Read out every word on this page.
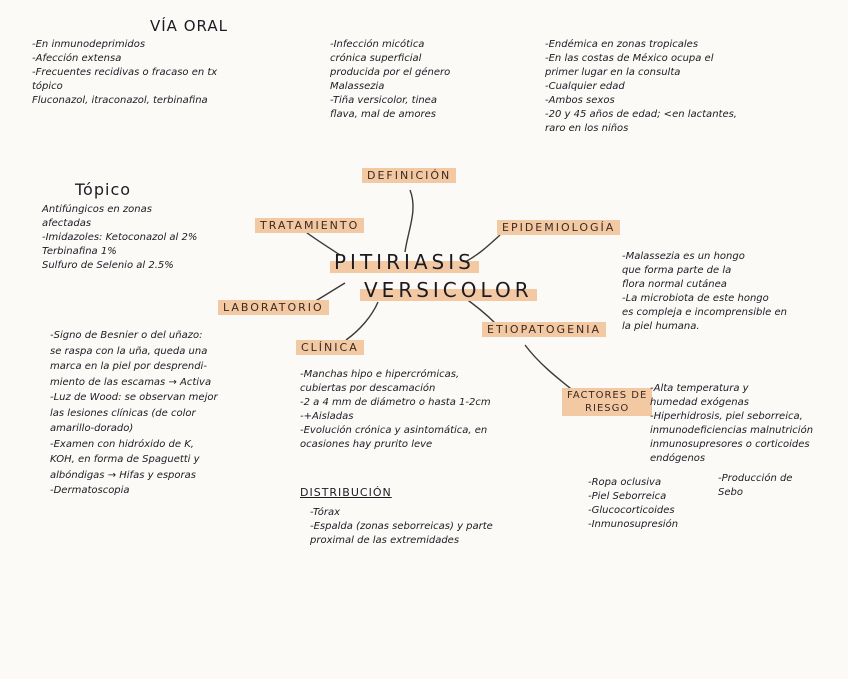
VÍA ORAL
-En inmunodeprimidos
-Afección extensa
-Frecuentes recidivas o fracaso en tx
tópico
Fluconazol, itraconazol, terbinafina
-Infección micótica
crónica superficial
producida por el género
Malassezia
-Tiña versicolor, tinea
flava, mal de amores
-Endémica en zonas tropicales
-En las costas de México ocupa el
primer lugar en la consulta
-Cualquier edad
-Ambos sexos
-20 y 45 años de edad; <en lactantes,
raro en los niños
Tópico
Antifúngicos en zonas
afectadas
-Imidazoles: Ketoconazol al 2%
Terbinafina 1%
Sulfuro de Selenio al 2.5%
DEFINICIÓN
TRATAMIENTO	EPIDEMIOLOGÍA
LABORATORIO
CLÍNICA
ETIOPATOGENIA
FACTORES DE
RIESGO
PITIRIASIS
VERSICOLOR
-Malassezia es un hongo
que forma parte de la
flora normal cutánea
-La microbiota de este hongo
es compleja e incomprensible en
la piel humana.
-Signo de Besnier o del uñazo:
se raspa con la uña, queda una
marca en la piel por desprendi-
miento de las escamas → Activa
-Luz de Wood: se observan mejor
las lesiones clínicas (de color
amarillo-dorado)
-Examen con hidróxido de K,
KOH, en forma de Spaguetti y
albóndigas → Hifas y esporas
-Dermatoscopia
-Manchas hipo e hipercrómicas,
cubiertas por descamación
-2 a 4 mm de diámetro o hasta 1-2cm
-+Aisladas
-Evolución crónica y asintomática, en
ocasiones hay prurito leve
DISTRIBUCIÓN
-Tórax
-Espalda (zonas seborreicas) y parte
proximal de las extremidades
-Alta temperatura y
humedad exógenas
-Hiperhidrosis, piel seborreica,
inmunodeficiencias malnutrición
inmunosupresores o corticoides
endógenos
-Ropa oclusiva
-Piel Seborreica
-Glucocorticoides
-Inmunosupresión
-Producción de
Sebo
